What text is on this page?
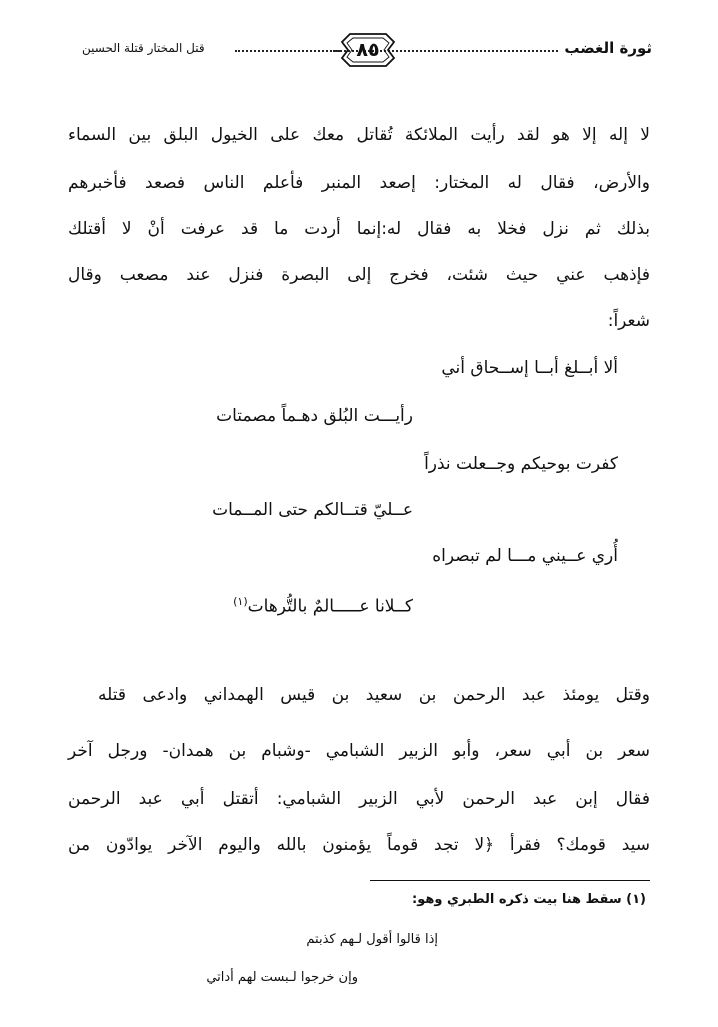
ثورة الغضب
٨٥
قتل المختار قتلة الحسين
لا إله إلا هو لقد رأيت الملائكة تُقاتل معك على الخيول البلق بين السماء
والأرض، فقال له المختار: إصعد المنبر فأعلم الناس فصعد فأخبرهم
بذلك ثم نزل فخلا به فقال له:إنما أردت ما قد عرفت أنْ لا أقتلك
فإذهب عني حيث شئت، فخرج إلى البصرة فنزل عند مصعب وقال
شعراً:
ألا أبــلغ أبــا إســحاق أني
رأيـــت البُلق دهـماً مصمتات
كفرت بوحيكم وجــعلت نذراً
عــليّ قتــالكم حتى المــمات
أُري عــيني مـــا لم تبصراه
كــلانا عـــــالمٌ بالتُّرهات$^{(١)}$
وقتل يومئذ عبد الرحمن بن سعيد بن قيس الهمداني وادعى قتله
سعر بن أبي سعر، وأبو الزبير الشبامي -وشبام بن همدان- ورجل آخر
فقال إبن عبد الرحمن لأبي الزبير الشبامي: أتقتل أبي عبد الرحمن
سيد قومك؟ فقرأ ﴿لا تجد قوماً يؤمنون بالله واليوم الآخر يوادّون من
(١) سقط هنا بيت ذكره الطبري وهو:
إذا قالوا أقول لـهم كذبتم
وإن خرجوا لـبست لهم أداتي
